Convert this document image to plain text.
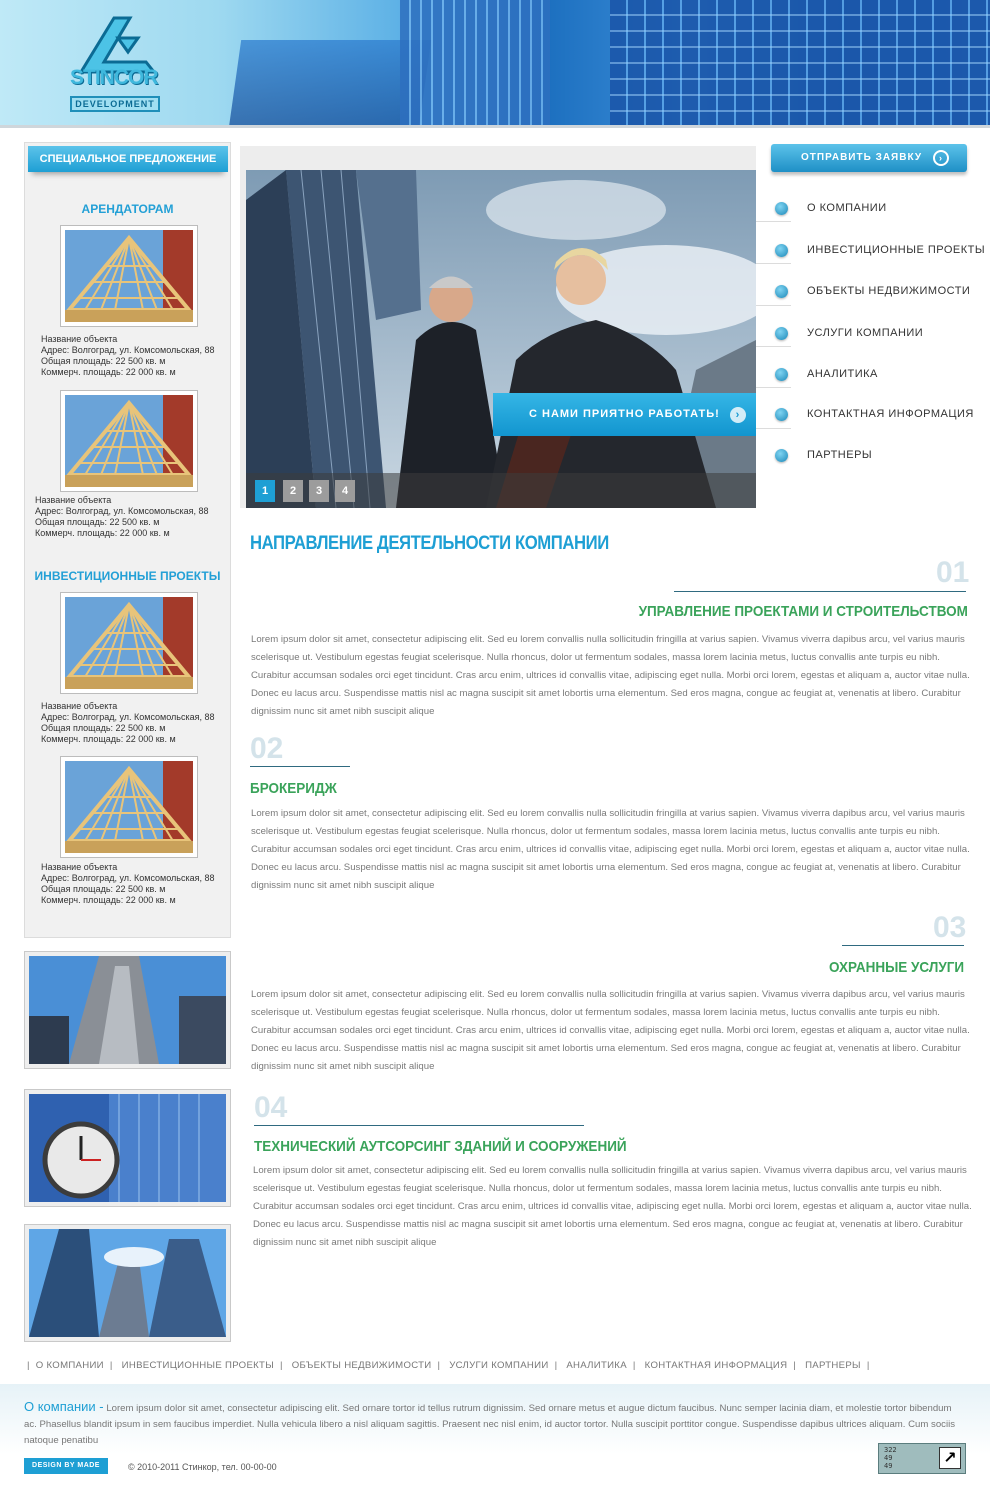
STINCOR
DEVELOPMENT
СПЕЦИАЛЬНОЕ ПРЕДЛОЖЕНИЕ
АРЕНДАТОРАМ
Название объекта
Адрес: Волгоград, ул. Комсомольская, 88
Общая площадь: 22 500 кв. м
Коммерч. площадь: 22 000 кв. м
Название объекта
Адрес: Волгоград, ул. Комсомольская, 88
Общая площадь: 22 500 кв. м
Коммерч. площадь: 22 000 кв. м
ИНВЕСТИЦИОННЫЕ ПРОЕКТЫ
Название объекта
Адрес: Волгоград, ул. Комсомольская, 88
Общая площадь: 22 500 кв. м
Коммерч. площадь: 22 000 кв. м
Название объекта
Адрес: Волгоград, ул. Комсомольская, 88
Общая площадь: 22 500 кв. м
Коммерч. площадь: 22 000 кв. м
С НАМИ ПРИЯТНО РАБОТАТЬ!	›
1	2	3	4
ОТПРАВИТЬ ЗАЯВКУ	›
О КОМПАНИИ
ИНВЕСТИЦИОННЫЕ ПРОЕКТЫ
ОБЪЕКТЫ НЕДВИЖИМОСТИ
УСЛУГИ КОМПАНИИ
АНАЛИТИКА
КОНТАКТНАЯ ИНФОРМАЦИЯ
ПАРТНЕРЫ
НАПРАВЛЕНИЕ ДЕЯТЕЛЬНОСТИ КОМПАНИИ
01
УПРАВЛЕНИЕ ПРОЕКТАМИ И СТРОИТЕЛЬСТВОМ
Lorem ipsum dolor sit amet, consectetur adipiscing elit. Sed eu lorem convallis nulla sollicitudin fringilla at varius sapien. Vivamus viverra dapibus arcu, vel varius mauris scelerisque ut. Vestibulum egestas feugiat scelerisque. Nulla rhoncus, dolor ut fermentum sodales, massa lorem lacinia metus, luctus convallis ante turpis eu nibh. Curabitur accumsan sodales orci eget tincidunt. Cras arcu enim, ultrices id convallis vitae, adipiscing eget nulla. Morbi orci lorem, egestas et aliquam a, auctor vitae nulla. Donec eu lacus arcu. Suspendisse mattis nisl ac magna suscipit sit amet lobortis urna elementum. Sed eros magna, congue ac feugiat at, venenatis at libero. Curabitur dignissim nunc sit amet nibh suscipit alique
02
БРОКЕРИДЖ
Lorem ipsum dolor sit amet, consectetur adipiscing elit. Sed eu lorem convallis nulla sollicitudin fringilla at varius sapien. Vivamus viverra dapibus arcu, vel varius mauris scelerisque ut. Vestibulum egestas feugiat scelerisque. Nulla rhoncus, dolor ut fermentum sodales, massa lorem lacinia metus, luctus convallis ante turpis eu nibh. Curabitur accumsan sodales orci eget tincidunt. Cras arcu enim, ultrices id convallis vitae, adipiscing eget nulla. Morbi orci lorem, egestas et aliquam a, auctor vitae nulla. Donec eu lacus arcu. Suspendisse mattis nisl ac magna suscipit sit amet lobortis urna elementum. Sed eros magna, congue ac feugiat at, venenatis at libero. Curabitur dignissim nunc sit amet nibh suscipit alique
03
ОХРАННЫЕ УСЛУГИ
Lorem ipsum dolor sit amet, consectetur adipiscing elit. Sed eu lorem convallis nulla sollicitudin fringilla at varius sapien. Vivamus viverra dapibus arcu, vel varius mauris scelerisque ut. Vestibulum egestas feugiat scelerisque. Nulla rhoncus, dolor ut fermentum sodales, massa lorem lacinia metus, luctus convallis ante turpis eu nibh. Curabitur accumsan sodales orci eget tincidunt. Cras arcu enim, ultrices id convallis vitae, adipiscing eget nulla. Morbi orci lorem, egestas et aliquam a, auctor vitae nulla. Donec eu lacus arcu. Suspendisse mattis nisl ac magna suscipit sit amet lobortis urna elementum. Sed eros magna, congue ac feugiat at, venenatis at libero. Curabitur dignissim nunc sit amet nibh suscipit alique
04
ТЕХНИЧЕСКИЙ АУТСОРСИНГ ЗДАНИЙ И СООРУЖЕНИЙ
Lorem ipsum dolor sit amet, consectetur adipiscing elit. Sed eu lorem convallis nulla sollicitudin fringilla at varius sapien. Vivamus viverra dapibus arcu, vel varius mauris scelerisque ut. Vestibulum egestas feugiat scelerisque. Nulla rhoncus, dolor ut fermentum sodales, massa lorem lacinia metus, luctus convallis ante turpis eu nibh. Curabitur accumsan sodales orci eget tincidunt. Cras arcu enim, ultrices id convallis vitae, adipiscing eget nulla. Morbi orci lorem, egestas et aliquam a, auctor vitae nulla. Donec eu lacus arcu. Suspendisse mattis nisl ac magna suscipit sit amet lobortis urna elementum. Sed eros magna, congue ac feugiat at, venenatis at libero. Curabitur dignissim nunc sit amet nibh suscipit alique
| О КОМПАНИИ | ИНВЕСТИЦИОННЫЕ ПРОЕКТЫ | ОБЪЕКТЫ НЕДВИЖИМОСТИ | УСЛУГИ КОМПАНИИ | АНАЛИТИКА | КОНТАКТНАЯ ИНФОРМАЦИЯ | ПАРТНЕРЫ |
О компании - Lorem ipsum dolor sit amet, consectetur adipiscing elit. Sed ornare tortor id tellus rutrum dignissim. Sed ornare metus et augue dictum faucibus. Nunc semper lacinia diam, et molestie tortor bibendum ac. Phasellus blandit ipsum in sem faucibus imperdiet. Nulla vehicula libero a nisl aliquam sagittis. Praesent nec nisl enim, id auctor tortor. Nulla suscipit porttitor congue. Suspendisse dapibus ultrices aliquam. Cum sociis natoque penatibu
DESIGN BY MADE	© 2010-2011 Стинкор, тел. 00-00-00
322
49
49	↗
